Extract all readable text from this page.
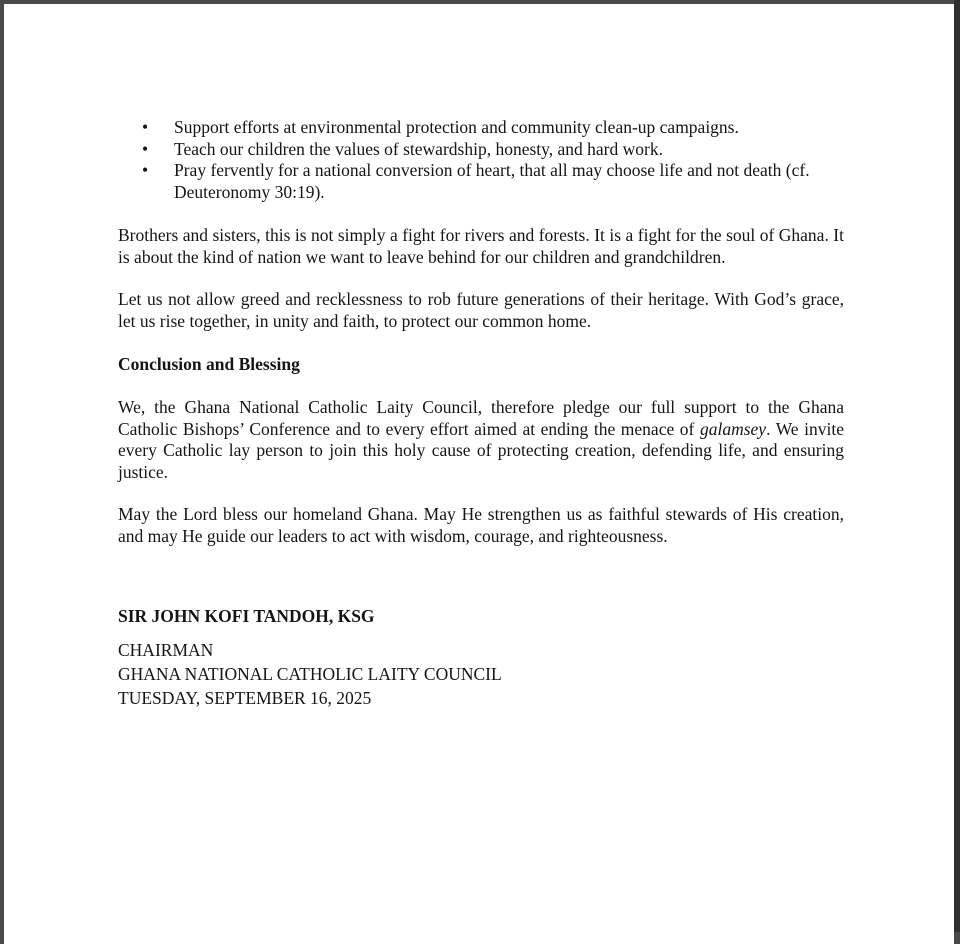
• Support efforts at environmental protection and community clean-up campaigns.
• Teach our children the values of stewardship, honesty, and hard work.
• Pray fervently for a national conversion of heart, that all may choose life and not death (cf. Deuteronomy 30:19).

Brothers and sisters, this is not simply a fight for rivers and forests. It is a fight for the soul of Ghana. It is about the kind of nation we want to leave behind for our children and grandchildren.

Let us not allow greed and recklessness to rob future generations of their heritage. With God’s grace, let us rise together, in unity and faith, to protect our common home.

Conclusion and Blessing

We, the Ghana National Catholic Laity Council, therefore pledge our full support to the Ghana Catholic Bishops’ Conference and to every effort aimed at ending the menace of galamsey. We invite every Catholic lay person to join this holy cause of protecting creation, defending life, and ensuring justice.

May the Lord bless our homeland Ghana. May He strengthen us as faithful stewards of His creation, and may He guide our leaders to act with wisdom, courage, and righteousness.

SIR JOHN KOFI TANDOH, KSG

CHAIRMAN
GHANA NATIONAL CATHOLIC LAITY COUNCIL
TUESDAY, SEPTEMBER 16, 2025
